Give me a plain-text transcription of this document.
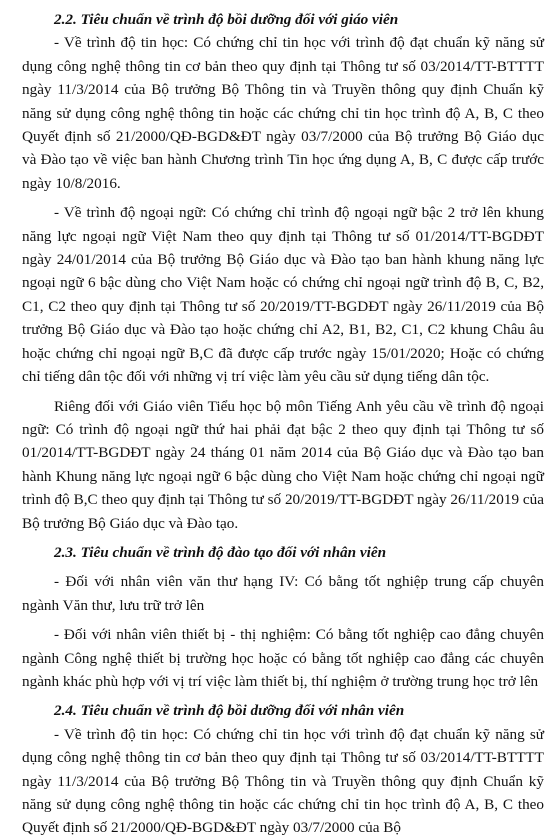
2.2. Tiêu chuẩn về trình độ bồi dưỡng đối với giáo viên

- Về trình độ tin học: Có chứng chỉ tin học với trình độ đạt chuẩn kỹ năng sử dụng công nghệ thông tin cơ bản theo quy định tại Thông tư số 03/2014/TT-BTTTT ngày 11/3/2014 của Bộ trưởng Bộ Thông tin và Truyền thông quy định Chuẩn kỹ năng sử dụng công nghệ thông tin hoặc các chứng chỉ tin học trình độ A, B, C theo Quyết định số 21/2000/QĐ-BGD&ĐT ngày 03/7/2000 của Bộ trưởng Bộ Giáo dục và Đào tạo về việc ban hành Chương trình Tin học ứng dụng A, B, C được cấp trước ngày 10/8/2016.

- Về trình độ ngoại ngữ: Có chứng chỉ trình độ ngoại ngữ bậc 2 trở lên khung năng lực ngoại ngữ Việt Nam theo quy định tại Thông tư số 01/2014/TT-BGDĐT ngày 24/01/2014 của Bộ trưởng Bộ Giáo dục và Đào tạo ban hành khung năng lực ngoại ngữ 6 bậc dùng cho Việt Nam hoặc có chứng chỉ ngoại ngữ trình độ B, C, B2, C1, C2 theo quy định tại Thông tư số 20/2019/TT-BGDĐT ngày 26/11/2019 của Bộ trưởng Bộ Giáo dục và Đào tạo hoặc chứng chỉ A2, B1, B2, C1, C2 khung Châu âu hoặc chứng chỉ ngoại ngữ B,C đã được cấp trước ngày 15/01/2020; Hoặc có chứng chỉ tiếng dân tộc đối với những vị trí việc làm yêu cầu sử dụng tiếng dân tộc.

Riêng đối với Giáo viên Tiểu học bộ môn Tiếng Anh yêu cầu về trình độ ngoại ngữ: Có trình độ ngoại ngữ thứ hai phải đạt bậc 2 theo quy định tại Thông tư số 01/2014/TT-BGDĐT ngày 24 tháng 01 năm 2014 của Bộ Giáo dục và Đào tạo ban hành Khung năng lực ngoại ngữ 6 bậc dùng cho Việt Nam hoặc chứng chỉ ngoại ngữ trình độ B,C theo quy định tại Thông tư số 20/2019/TT-BGDĐT ngày 26/11/2019 của Bộ trưởng Bộ Giáo dục và Đào tạo.

2.3. Tiêu chuẩn về trình độ đào tạo đối với nhân viên

- Đối với nhân viên văn thư hạng IV: Có bằng tốt nghiệp trung cấp chuyên ngành Văn thư, lưu trữ trở lên

- Đối với nhân viên thiết bị - thị nghiệm: Có bằng tốt nghiệp cao đẳng chuyên ngành Công nghệ thiết bị trường học hoặc có bằng tốt nghiệp cao đẳng các chuyên ngành khác phù hợp với vị trí việc làm thiết bị, thí nghiệm ở trường trung học trở lên

2.4. Tiêu chuẩn về trình độ bồi dưỡng đối với nhân viên

- Về trình độ tin học: Có chứng chỉ tin học với trình độ đạt chuẩn kỹ năng sử dụng công nghệ thông tin cơ bản theo quy định tại Thông tư số 03/2014/TT-BTTTT ngày 11/3/2014 của Bộ trưởng Bộ Thông tin và Truyền thông quy định Chuẩn kỹ năng sử dụng công nghệ thông tin hoặc các chứng chỉ tin học trình độ A, B, C theo Quyết định số 21/2000/QĐ-BGD&ĐT ngày 03/7/2000 của Bộ
